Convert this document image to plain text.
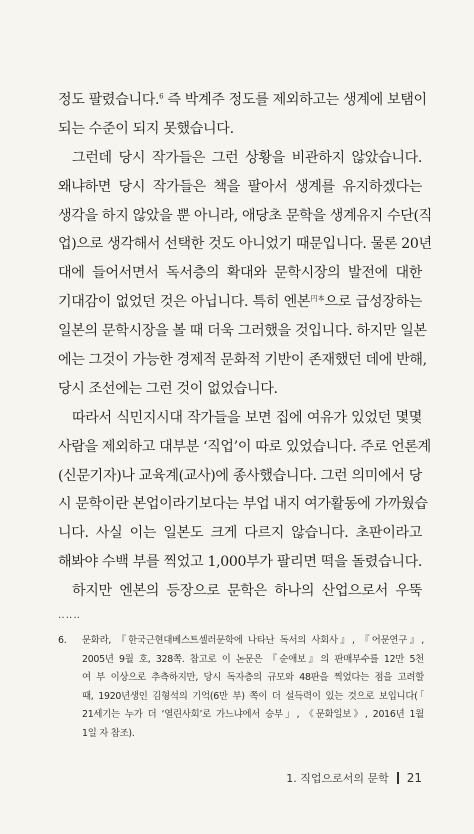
정도 팔렸습니다.$^6$ 즉 박계주 정도를 제외하고는 생계에 보탬이
되는 수준이 되지 못했습니다.
그런데 당시 작가들은 그런 상황을 비관하지 않았습니다.
왜냐하면 당시 작가들은 책을 팔아서 생계를 유지하겠다는
생각을 하지 않았을 뿐 아니라, 애당초 문학을 생계유지 수단(직
업)으로 생각해서 선택한 것도 아니었기 때문입니다. 물론 20년
대에 들어서면서 독서층의 확대와 문학시장의 발전에 대한
기대감이 없었던 것은 아닙니다. 특히 엔본$^{円本}$으로 급성장하는
일본의 문학시장을 볼 때 더욱 그러했을 것입니다. 하지만 일본
에는 그것이 가능한 경제적 문화적 기반이 존재했던 데에 반해,
당시 조선에는 그런 것이 없었습니다.
따라서 식민지시대 작가들을 보면 집에 여유가 있었던 몇몇
사람을 제외하고 대부분 ‘직업’이 따로 있었습니다. 주로 언론계
(신문기자)나 교육계(교사)에 종사했습니다. 그런 의미에서 당
시 문학이란 본업이라기보다는 부업 내지 여가활동에 가까웠습
니다. 사실 이는 일본도 크게 다르지 않습니다. 초판이라고
해봐야 수백 부를 찍었고 1,000부가 팔리면 떡을 돌렸습니다.
하지만 엔본의 등장으로 문학은 하나의 산업으로서 우뚝
‥‥‥
6. 문화라, 『한국근현대베스트셀러문학에 나타난 독서의 사회사』, 『어문연구』,
2005년 9월 호, 328쪽. 참고로 이 논문은 『순애보』의 판매부수를 12만 5천
여 부 이상으로 추측하지만, 당시 독자층의 규모와 48판을 찍었다는 점을 고려할
때, 1920년생인 김형석의 기억(6만 부) 쪽이 더 설득력이 있는 것으로 보입니다(「
21세기는 누가 더 ‘열린사회’로 가느냐에서 승부」, 《문화일보》, 2016년 1월
1일 자 참조).
1. 직업으로서의 문학 21
